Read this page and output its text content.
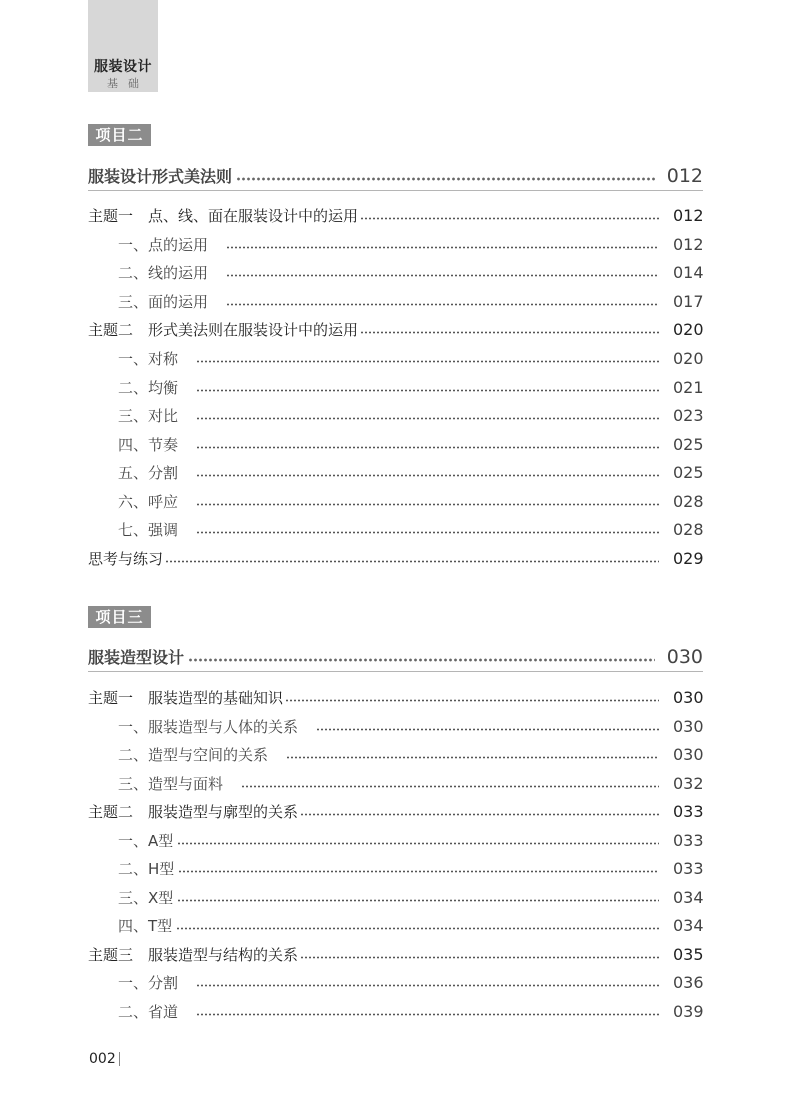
服装设计
基础
项目二
服装设计形式美法则	012
主题一　点、线、面在服装设计中的运用	012
一、点的运用	012
二、线的运用	014
三、面的运用	017
主题二　形式美法则在服装设计中的运用	020
一、对称	020
二、均衡	021
三、对比	023
四、节奏	025
五、分割	025
六、呼应	028
七、强调	028
思考与练习	029
项目三
服装造型设计	030
主题一　服装造型的基础知识	030
一、服装造型与人体的关系	030
二、造型与空间的关系	030
三、造型与面料	032
主题二　服装造型与廓型的关系	033
一、A型	033
二、H型	033
三、X型	034
四、T型	034
主题三　服装造型与结构的关系	035
一、分割	036
二、省道	039
002
